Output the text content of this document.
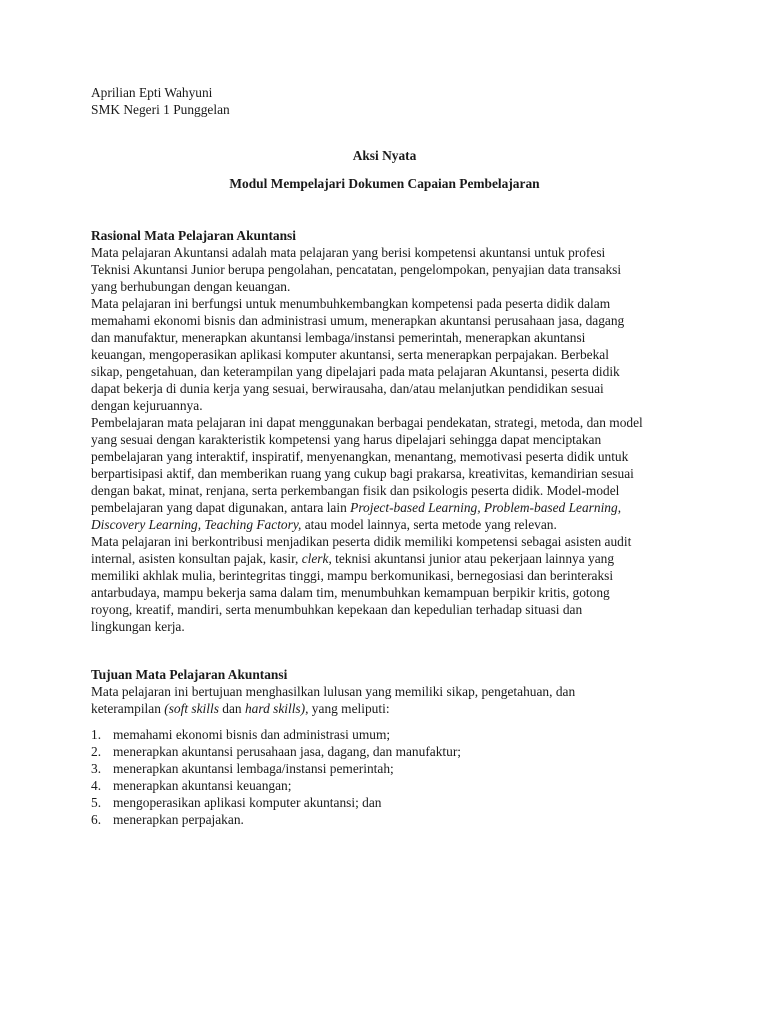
Aprilian Epti Wahyuni

SMK Negeri 1 Punggelan

Aksi Nyata

Modul Mempelajari Dokumen Capaian Pembelajaran

Rasional Mata Pelajaran Akuntansi

Mata pelajaran Akuntansi adalah mata pelajaran yang berisi kompetensi akuntansi untuk profesi
Teknisi Akuntansi Junior berupa pengolahan, pencatatan, pengelompokan, penyajian data transaksi
yang berhubungan dengan keuangan.

Mata pelajaran ini berfungsi untuk menumbuhkembangkan kompetensi pada peserta didik dalam
memahami ekonomi bisnis dan administrasi umum, menerapkan akuntansi perusahaan jasa, dagang
dan manufaktur, menerapkan akuntansi lembaga/instansi pemerintah, menerapkan akuntansi
keuangan, mengoperasikan aplikasi komputer akuntansi, serta menerapkan perpajakan. Berbekal
sikap, pengetahuan, dan keterampilan yang dipelajari pada mata pelajaran Akuntansi, peserta didik
dapat bekerja di dunia kerja yang sesuai, berwirausaha, dan/atau melanjutkan pendidikan sesuai
dengan kejuruannya.

Pembelajaran mata pelajaran ini dapat menggunakan berbagai pendekatan, strategi, metoda, dan model
yang sesuai dengan karakteristik kompetensi yang harus dipelajari sehingga dapat menciptakan
pembelajaran yang interaktif, inspiratif, menyenangkan, menantang, memotivasi peserta didik untuk
berpartisipasi aktif, dan memberikan ruang yang cukup bagi prakarsa, kreativitas, kemandirian sesuai
dengan bakat, minat, renjana, serta perkembangan fisik dan psikologis peserta didik. Model-model
pembelajaran yang dapat digunakan, antara lain Project-based Learning, Problem-based Learning,
Discovery Learning, Teaching Factory, atau model lainnya, serta metode yang relevan.

Mata pelajaran ini berkontribusi menjadikan peserta didik memiliki kompetensi sebagai asisten audit
internal, asisten konsultan pajak, kasir, clerk, teknisi akuntansi junior atau pekerjaan lainnya yang
memiliki akhlak mulia, berintegritas tinggi, mampu berkomunikasi, bernegosiasi dan berinteraksi
antarbudaya, mampu bekerja sama dalam tim, menumbuhkan kemampuan berpikir kritis, gotong
royong, kreatif, mandiri, serta menumbuhkan kepekaan dan kepedulian terhadap situasi dan
lingkungan kerja.

Tujuan Mata Pelajaran Akuntansi

Mata pelajaran ini bertujuan menghasilkan lulusan yang memiliki sikap, pengetahuan, dan
keterampilan (soft skills dan hard skills), yang meliputi:

1. memahami ekonomi bisnis dan administrasi umum;
2. menerapkan akuntansi perusahaan jasa, dagang, dan manufaktur;
3. menerapkan akuntansi lembaga/instansi pemerintah;
4. menerapkan akuntansi keuangan;
5. mengoperasikan aplikasi komputer akuntansi; dan
6. menerapkan perpajakan.
